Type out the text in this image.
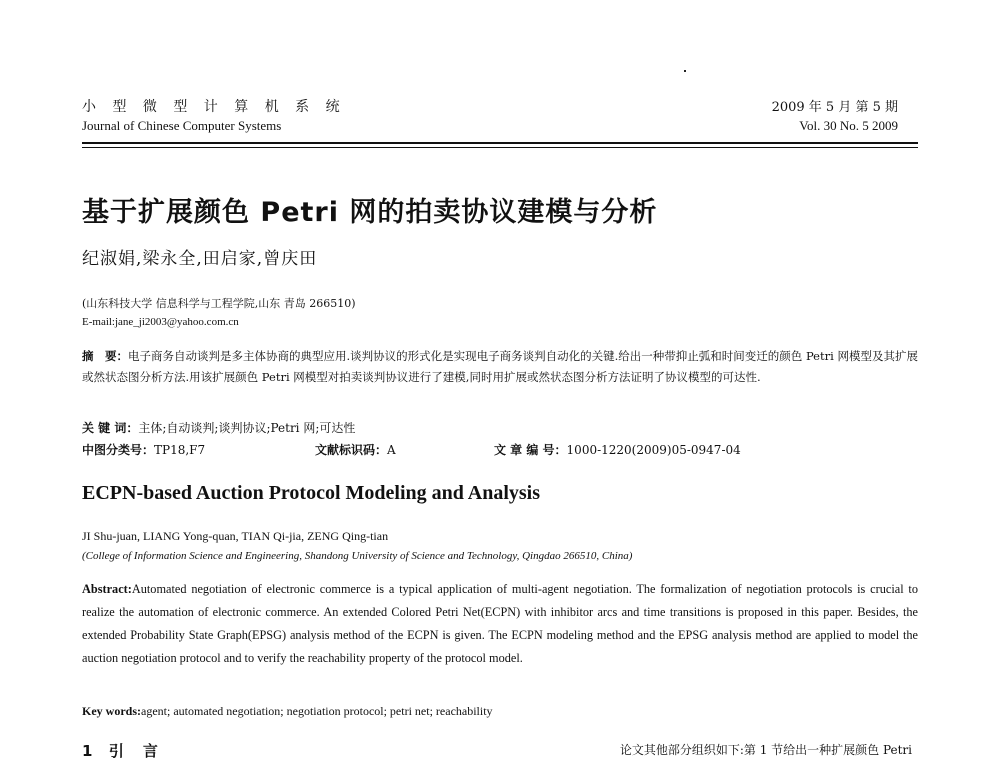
小 型 微 型 计 算 机 系 统
Journal of Chinese Computer Systems
2009 年 5 月 第 5 期
Vol. 30 No. 5 2009
基于扩展颜色 Petri 网的拍卖协议建模与分析
纪淑娟,梁永全,田启家,曾庆田
(山东科技大学 信息科学与工程学院,山东 青岛 266510)
E-mail:jane_ji2003@yahoo.com.cn
摘　要：电子商务自动谈判是多主体协商的典型应用.谈判协议的形式化是实现电子商务谈判自动化的关键.给出一种带抑止弧和时间变迁的颜色 Petri 网模型及其扩展或然状态图分析方法.用该扩展颜色 Petri 网模型对拍卖谈判协议进行了建模,同时用扩展或然状态图分析方法证明了协议模型的可达性.
关 键 词：主体;自动谈判;谈判协议;Petri 网;可达性
中图分类号：TP18,F7	文献标识码：A	文 章 编 号：1000-1220(2009)05-0947-04
ECPN-based Auction Protocol Modeling and Analysis
JI Shu-juan, LIANG Yong-quan, TIAN Qi-jia, ZENG Qing-tian
(College of Information Science and Engineering, Shandong University of Science and Technology, Qingdao 266510, China)
Abstract:Automated negotiation of electronic commerce is a typical application of multi-agent negotiation. The formalization of negotiation protocols is crucial to realize the automation of electronic commerce. An extended Colored Petri Net(ECPN) with inhibitor arcs and time transitions is proposed in this paper. Besides, the extended Probability State Graph(EPSG) analysis method of the ECPN is given. The ECPN modeling method and the EPSG analysis method are applied to model the auction negotiation protocol and to verify the reachability property of the protocol model.
Key words:agent; automated negotiation; negotiation protocol; petri net; reachability
1 引　言	论文其他部分组织如下:第 1 节给出一种扩展颜色 Petri
